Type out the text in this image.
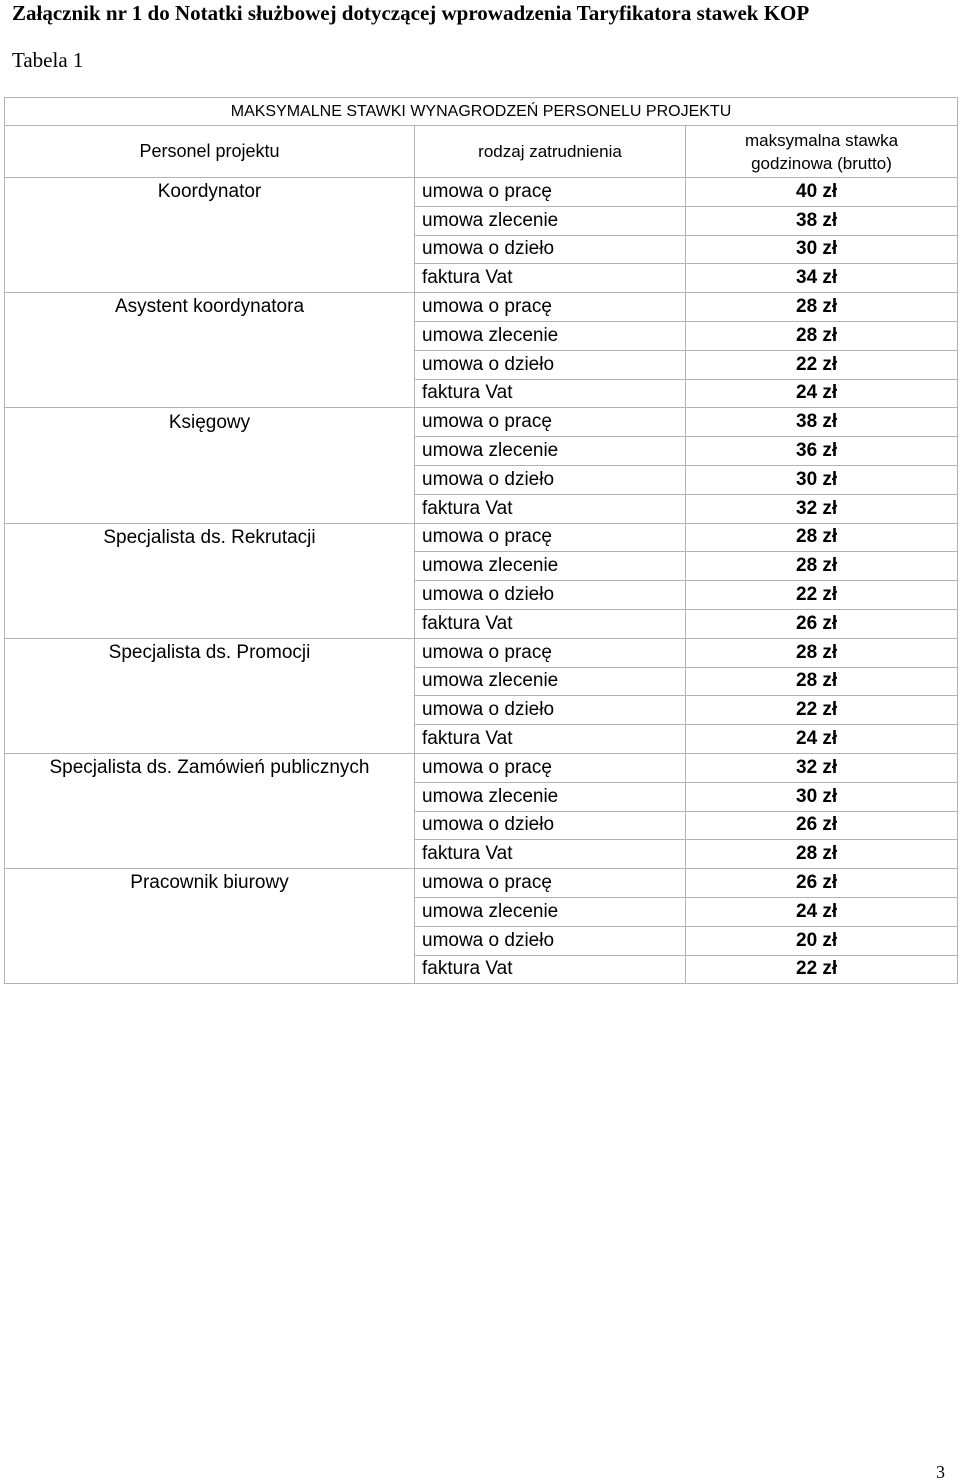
Załącznik nr 1 do Notatki służbowej dotyczącej wprowadzenia Taryfikatora stawek KOP
Tabela 1
MAKSYMALNE STAWKI WYNAGRODZEŃ PERSONELU PROJEKTU		
Personel projektu	rodzaj zatrudnienia	maksymalna stawka
godzinowa (brutto)
Koordynator	umowa o pracę	40 zł
	umowa zlecenie	38 zł
	umowa o dzieło	30 zł
	faktura Vat	34 zł
Asystent koordynatora	umowa o pracę	28 zł
	umowa zlecenie	28 zł
	umowa o dzieło	22 zł
	faktura Vat	24 zł
Księgowy	umowa o pracę	38 zł
	umowa zlecenie	36 zł
	umowa o dzieło	30 zł
	faktura Vat	32 zł
Specjalista ds. Rekrutacji	umowa o pracę	28 zł
	umowa zlecenie	28 zł
	umowa o dzieło	22 zł
	faktura Vat	26 zł
Specjalista ds. Promocji	umowa o pracę	28 zł
	umowa zlecenie	28 zł
	umowa o dzieło	22 zł
	faktura Vat	24 zł
Specjalista ds. Zamówień publicznych	umowa o pracę	32 zł
	umowa zlecenie	30 zł
	umowa o dzieło	26 zł
	faktura Vat	28 zł
Pracownik biurowy	umowa o pracę	26 zł
	umowa zlecenie	24 zł
	umowa o dzieło	20 zł
	faktura Vat	22 zł
3
